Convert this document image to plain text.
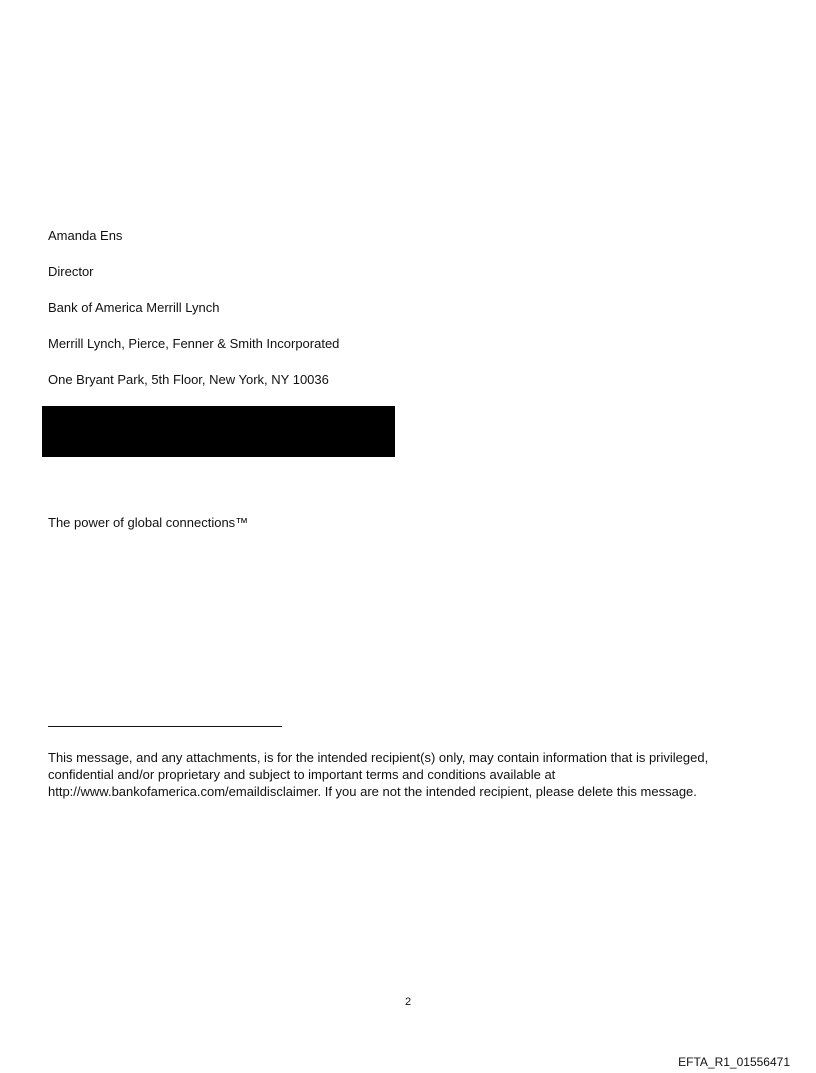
Amanda Ens
Director
Bank of America Merrill Lynch
Merrill Lynch, Pierce, Fenner & Smith Incorporated
One Bryant Park, 5th Floor, New York, NY 10036
The power of global connections™
This message, and any attachments, is for the intended recipient(s) only, may contain information that is privileged,
confidential and/or proprietary and subject to important terms and conditions available at
http://www.bankofamerica.com/emaildisclaimer. If you are not the intended recipient, please delete this message.
2
EFTA_R1_01556471
